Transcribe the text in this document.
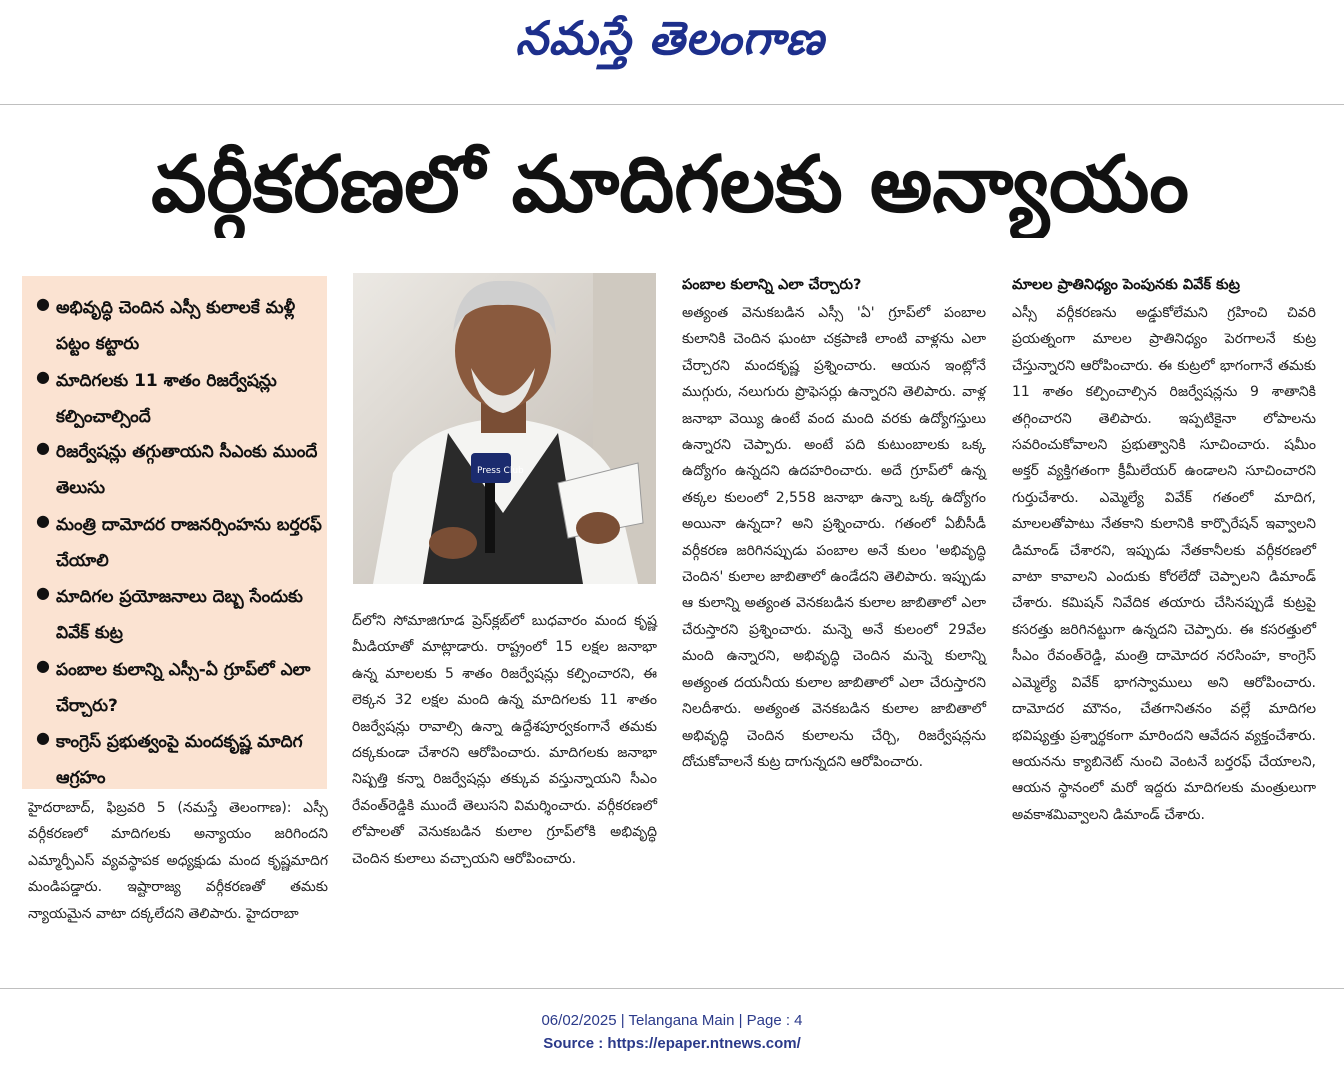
నమస్తే తెలంగాణ
వర్గీకరణలో మాదిగలకు అన్యాయం
● అభివృద్ధి చెందిన ఎస్సీ కులాలకే మళ్లీ పట్టం కట్టారు
● మాదిగలకు 11 శాతం రిజర్వేషన్లు కల్పించాల్సిందే
● రిజర్వేషన్లు తగ్గుతాయని సీఎంకు ముందే తెలుసు
● మంత్రి దామోదర రాజనర్సింహను బర్తరఫ్ చేయాలి
● మాదిగల ప్రయోజనాలు దెబ్బ సేందుకు వివేక్ కుట్ర
● పంబాల కులాన్ని ఎస్సీ-ఏ గ్రూప్‌లో ఎలా చేర్చారు?
● కాంగ్రెస్ ప్రభుత్వంపై మందకృష్ణ మాదిగ ఆగ్రహం
Press Club

హైదరాబాద్, ఫిబ్రవరి 5 (నమస్తే తెలంగాణ): ఎస్సీ వర్గీకరణలో మాదిగలకు అన్యాయం జరిగిందని ఎమ్మార్పీఎస్ వ్యవస్థాపక అధ్యక్షుడు మంద కృష్ణమాదిగ మండిపడ్డారు. ఇష్టారాజ్య వర్గీకరణతో తమకు న్యాయమైన వాటా దక్కలేదని తెలిపారు. హైదరాబా

ద్‌లోని సోమాజిగూడ ప్రెస్‌క్లబ్‌లో బుధవారం మంద కృష్ణ మీడియాతో మాట్లాడారు. రాష్ట్రంలో 15 లక్షల జనాభా ఉన్న మాలలకు 5 శాతం రిజర్వేషన్లు కల్పించారని, ఈ లెక్కన 32 లక్షల మంది ఉన్న మాదిగలకు 11 శాతం రిజర్వేషన్లు రావాల్సి ఉన్నా ఉద్దేశపూర్వకంగానే తమకు దక్కకుండా చేశారని ఆరోపించారు. మాదిగలకు జనాభా నిష్పత్తి కన్నా రిజర్వేషన్లు తక్కువ వస్తున్నాయని సీఎం రేవంత్‌రెడ్డికి ముందే తెలుసని విమర్శించారు. వర్గీకరణలో లోపాలతో వెనుకబడిన కులాల గ్రూప్‌లోకి అభివృద్ధి చెందిన కులాలు వచ్చాయని ఆరోపించారు.

పంబాల కులాన్ని ఎలా చేర్చారు?

అత్యంత వెనుకబడిన ఎస్సీ 'ఏ' గ్రూప్‌లో పంబాల కులానికి చెందిన ఘంటా చక్రపాణి లాంటి వాళ్లను ఎలా చేర్చారని మందకృష్ణ ప్రశ్నించారు. ఆయన ఇంట్లోనే ముగ్గురు, నలుగురు ప్రొఫెసర్లు ఉన్నారని తెలిపారు. వాళ్ల జనాభా వెయ్యి ఉంటే వంద మంది వరకు ఉద్యోగస్తులు ఉన్నారని చెప్పారు. అంటే పది కుటుంబాలకు ఒక్క ఉద్యోగం ఉన్నదని ఉదహరించారు. అదే గ్రూప్‌లో ఉన్న తక్కల కులంలో 2,558 జనాభా ఉన్నా ఒక్క ఉద్యోగం అయినా ఉన్నదా? అని ప్రశ్నించారు. గతంలో ఏబీసీడీ వర్గీకరణ జరిగినప్పుడు పంబాల అనే కులం 'అభివృద్ధి చెందిన' కులాల జాబితాలో ఉండేదని తెలిపారు. ఇప్పుడు ఆ కులాన్ని అత్యంత వెనకబడిన కులాల జాబితాలో ఎలా చేరుస్తారని ప్రశ్నించారు. మన్నె అనే కులంలో 29వేల మంది ఉన్నారని, అభివృద్ధి చెందిన మన్నె కులాన్ని అత్యంత దయనీయ కులాల జాబితాలో ఎలా చేరుస్తారని నిలదీశారు. అత్యంత వెనకబడిన కులాల జాబితాలో అభివృద్ధి చెందిన కులాలను చేర్చి, రిజర్వేషన్లను దోచుకోవాలనే కుట్ర దాగున్నదని ఆరోపించారు.

మాలల ప్రాతినిధ్యం పెంపునకు వివేక్ కుట్ర

ఎస్సీ వర్గీకరణను అడ్డుకోలేమని గ్రహించి చివరి ప్రయత్నంగా మాలల ప్రాతినిధ్యం పెరగాలనే కుట్ర చేస్తున్నారని ఆరోపించారు. ఈ కుట్రలో భాగంగానే తమకు 11 శాతం కల్పించాల్సిన రిజర్వేషన్లను 9 శాతానికి తగ్గించారని తెలిపారు. ఇప్పటికైనా లోపాలను సవరించుకోవాలని ప్రభుత్వానికి సూచించారు. షమీం అక్తర్ వ్యక్తిగతంగా క్రీమీలేయర్ ఉండాలని సూచించారని గుర్తుచేశారు. ఎమ్మెల్యే వివేక్ గతంలో మాదిగ, మాలలతోపాటు నేతకాని కులానికి కార్పొరేషన్ ఇవ్వాలని డిమాండ్ చేశారని, ఇప్పుడు నేతకానీలకు వర్గీకరణలో వాటా కావాలని ఎందుకు కోరలేదో చెప్పాలని డిమాండ్ చేశారు. కమిషన్ నివేదిక తయారు చేసినప్పుడే కుట్రపై కసరత్తు జరిగినట్టుగా ఉన్నదని చెప్పారు. ఈ కసరత్తులో సీఎం రేవంత్‌రెడ్డి, మంత్రి దామోదర నరసింహ, కాంగ్రెస్ ఎమ్మెల్యే వివేక్ భాగస్వాములు అని ఆరోపించారు. దామోదర మౌనం, చేతగానితనం వల్లే మాదిగల భవిష్యత్తు ప్రశ్నార్థకంగా మారిందని ఆవేదన వ్యక్తంచేశారు. ఆయనను క్యాబినెట్ నుంచి వెంటనే బర్తరఫ్ చేయాలని, ఆయన స్థానంలో మరో ఇద్దరు మాదిగలకు మంత్రులుగా అవకాశమివ్వాలని డిమాండ్ చేశారు.

06/02/2025 | Telangana Main | Page : 4
Source : https://epaper.ntnews.com/
